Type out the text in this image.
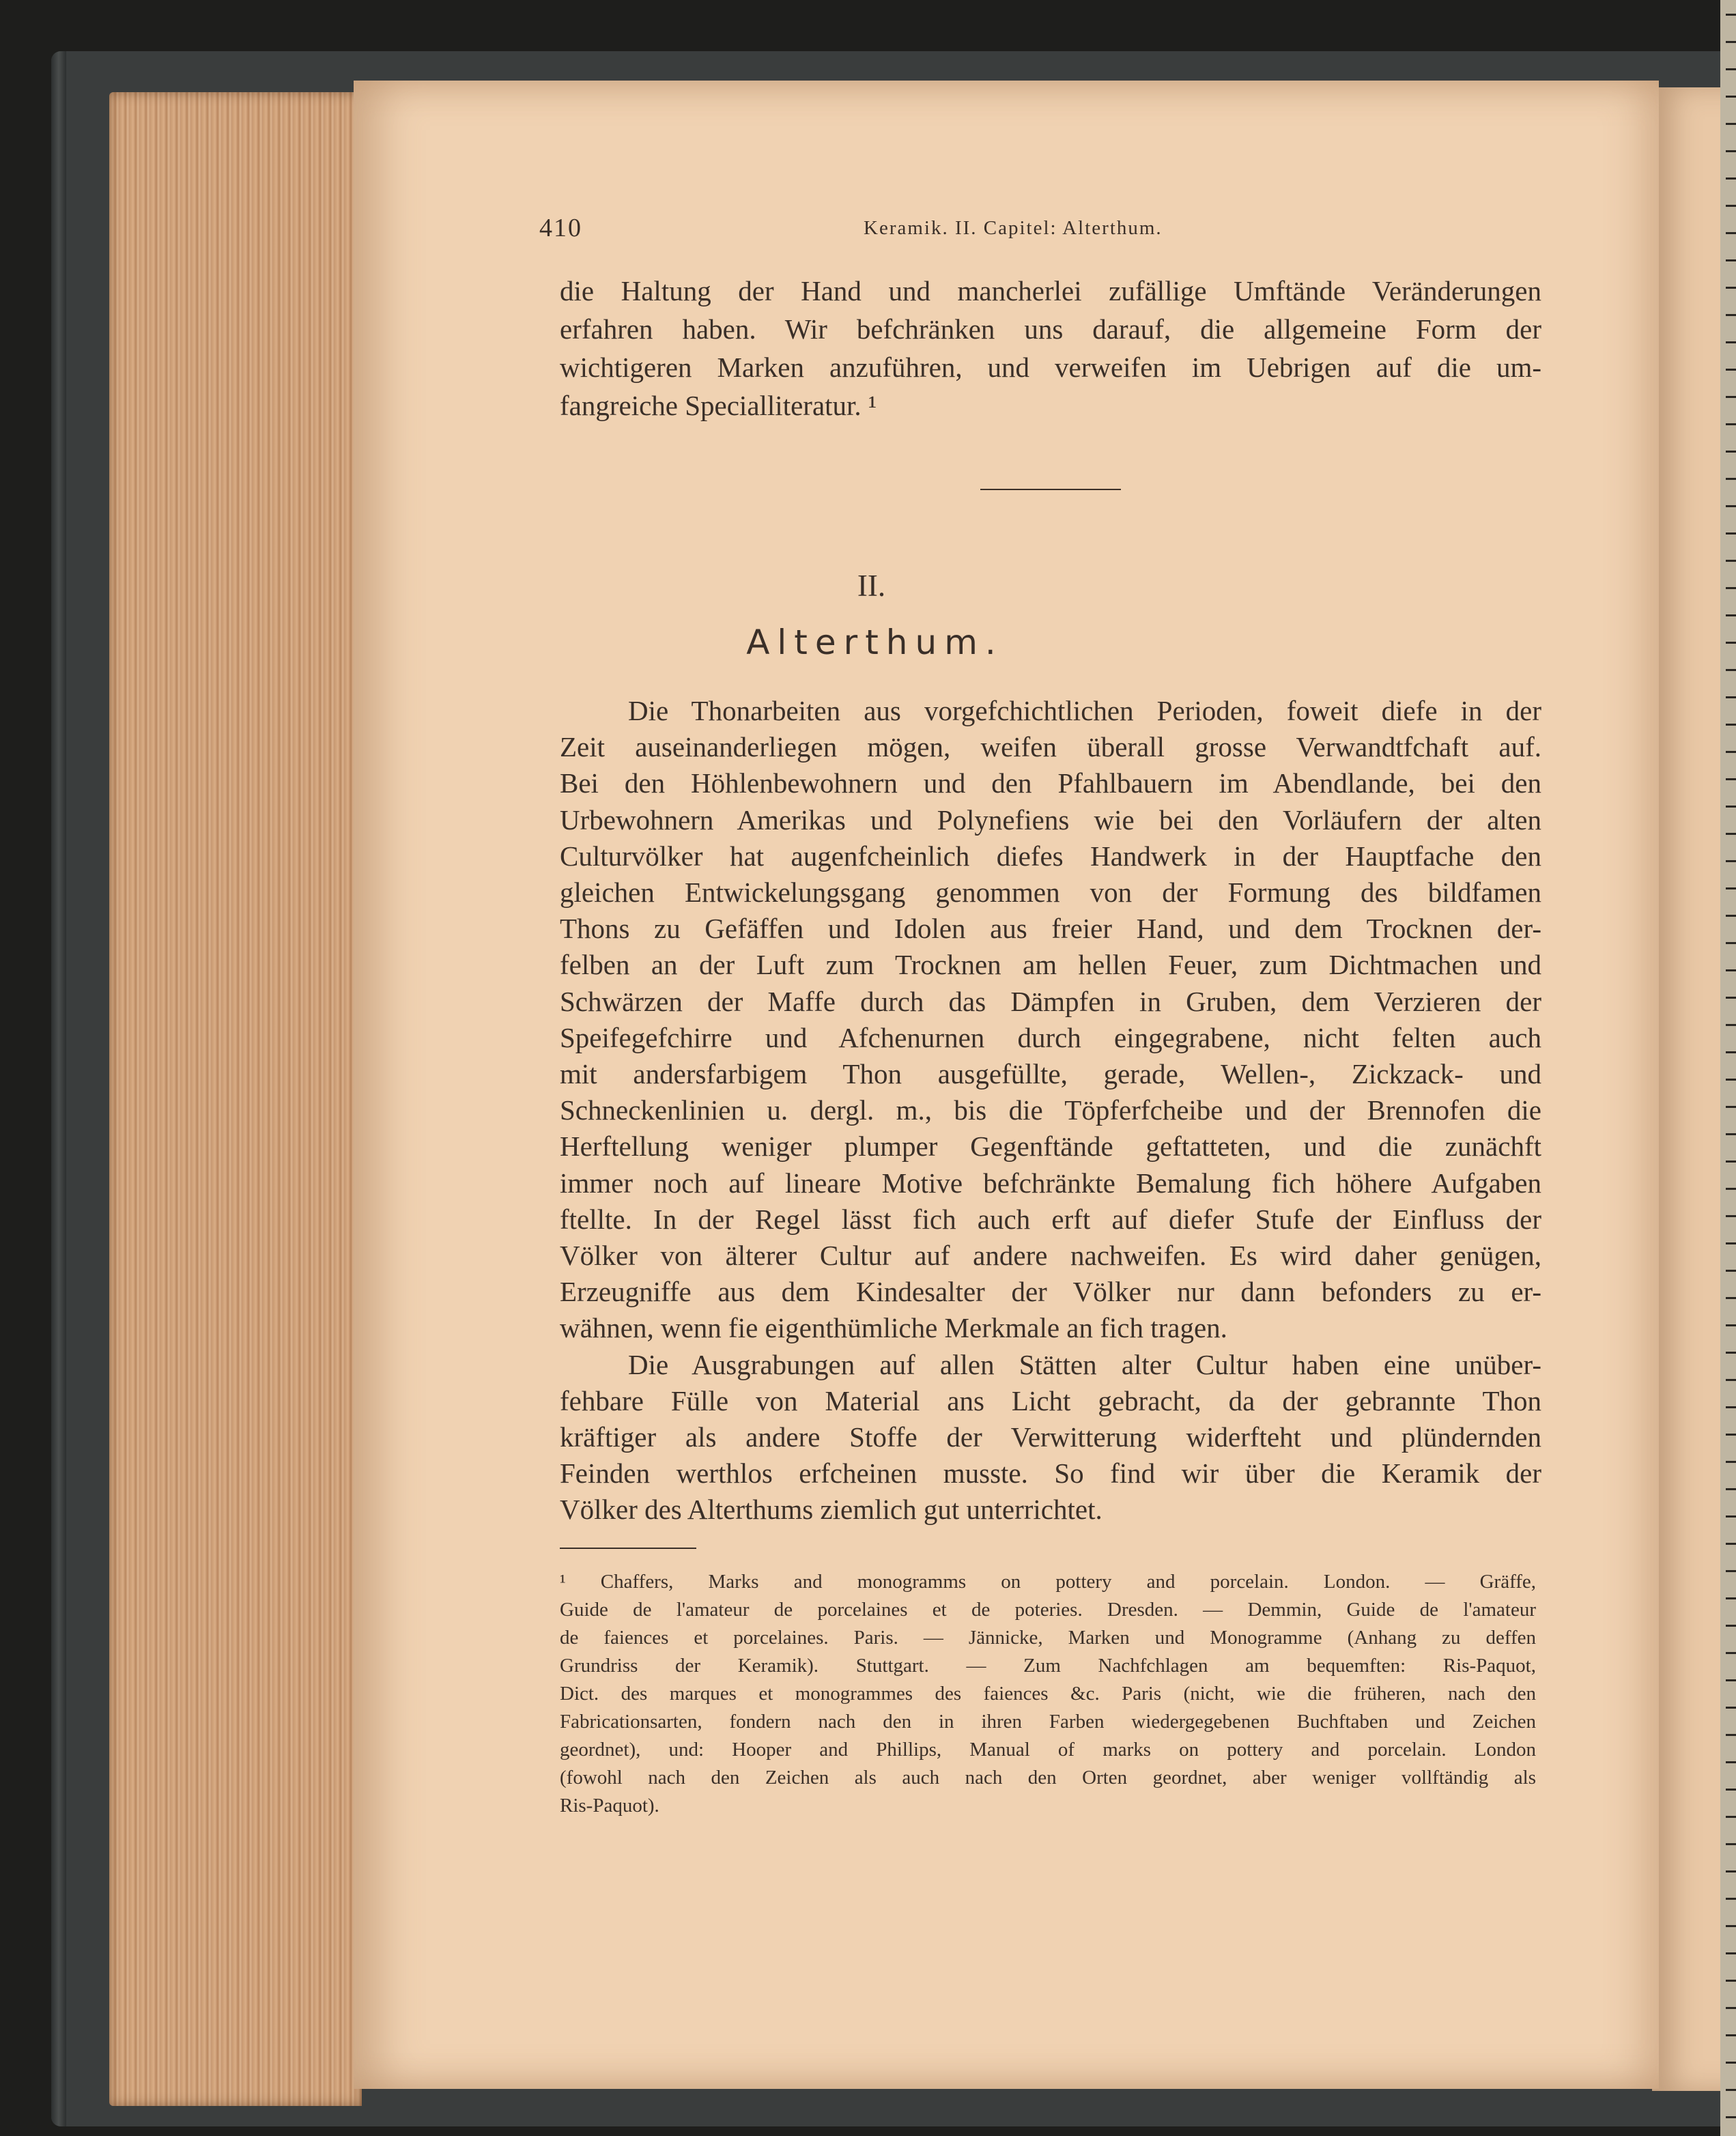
410	Keramik. II. Capitel: Alterthum.
die Haltung der Hand und mancherlei zufällige Umftände Veränderungen
erfahren haben. Wir befchränken uns darauf, die allgemeine Form der
wichtigeren Marken anzuführen, und verweifen im Uebrigen auf die um-
fangreiche Specialliteratur. ¹
II.
Alterthum.
Die Thonarbeiten aus vorgefchichtlichen Perioden, foweit diefe in der
Zeit auseinanderliegen mögen, weifen überall grosse Verwandtfchaft auf.
Bei den Höhlenbewohnern und den Pfahlbauern im Abendlande, bei den
Urbewohnern Amerikas und Polynefiens wie bei den Vorläufern der alten
Culturvölker hat augenfcheinlich diefes Handwerk in der Hauptfache den
gleichen Entwickelungsgang genommen von der Formung des bildfamen
Thons zu Gefäffen und Idolen aus freier Hand, und dem Trocknen der-
felben an der Luft zum Trocknen am hellen Feuer, zum Dichtmachen und
Schwärzen der Maffe durch das Dämpfen in Gruben, dem Verzieren der
Speifegefchirre und Afchenurnen durch eingegrabene, nicht felten auch
mit andersfarbigem Thon ausgefüllte, gerade, Wellen-, Zickzack- und
Schneckenlinien u. dergl. m., bis die Töpferfcheibe und der Brennofen die
Herftellung weniger plumper Gegenftände geftatteten, und die zunächft
immer noch auf lineare Motive befchränkte Bemalung fich höhere Aufgaben
ftellte. In der Regel lässt fich auch erft auf diefer Stufe der Einfluss der
Völker von älterer Cultur auf andere nachweifen. Es wird daher genügen,
Erzeugniffe aus dem Kindesalter der Völker nur dann befonders zu er-
wähnen, wenn fie eigenthümliche Merkmale an fich tragen.
Die Ausgrabungen auf allen Stätten alter Cultur haben eine unüber-
fehbare Fülle von Material ans Licht gebracht, da der gebrannte Thon
kräftiger als andere Stoffe der Verwitterung widerfteht und plündernden
Feinden werthlos erfcheinen musste. So find wir über die Keramik der
Völker des Alterthums ziemlich gut unterrichtet.
¹ Chaffers, Marks and monogramms on pottery and porcelain. London. — Gräffe,
Guide de l'amateur de porcelaines et de poteries. Dresden. — Demmin, Guide de l'amateur
de faiences et porcelaines. Paris. — Jännicke, Marken und Monogramme (Anhang zu deffen
Grundriss der Keramik). Stuttgart. — Zum Nachfchlagen am bequemften: Ris-Paquot,
Dict. des marques et monogrammes des faiences &c. Paris (nicht, wie die früheren, nach den
Fabricationsarten, fondern nach den in ihren Farben wiedergegebenen Buchftaben und Zeichen
geordnet), und: Hooper and Phillips, Manual of marks on pottery and porcelain. London
(fowohl nach den Zeichen als auch nach den Orten geordnet, aber weniger vollftändig als
Ris-Paquot).
